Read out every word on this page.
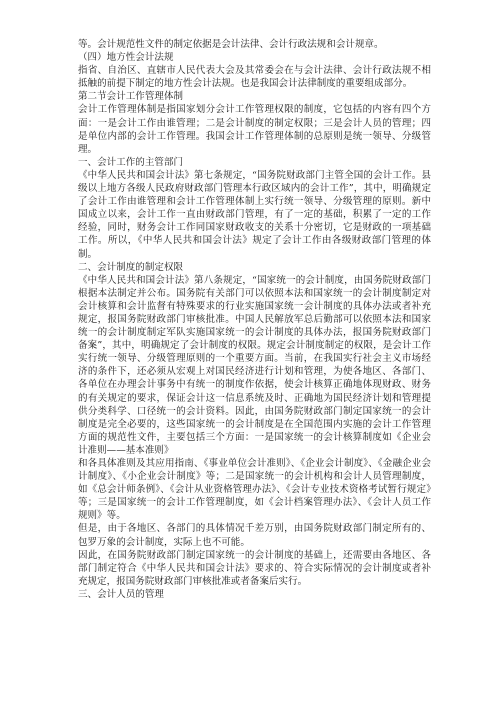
等。会计规范性文件的制定依据是会计法律、会计行政法规和会计规章。

（四）地方性会计法规

指省、自治区、直辖市人民代表大会及其常委会在与会计法律、会计行政法规不相抵触的前提下制定的地方性会计法规。也是我国会计法律制度的重要组成部分。

第二节会计工作管理体制

会计工作管理体制是指国家划分会计工作管理权限的制度，它包括的内容有四个方面：一是会计工作由谁管理；二是会计制度的制定权限；三是会计人员的管理；四是单位内部的会计工作管理。我国会计工作管理体制的总原则是统一领导、分级管理。

一、会计工作的主管部门

《中华人民共和国会计法》第七条规定，“国务院财政部门主管全国的会计工作。县级以上地方各级人民政府财政部门管理本行政区域内的会计工作”，其中，明确规定了会计工作由谁管理和会计工作管理体制上实行统一领导、分级管理的原则。新中国成立以来，会计工作一直由财政部门管理，有了一定的基础，积累了一定的工作经验，同时，财务会计工作同国家财政收支的关系十分密切，它是财政的一项基础工作。所以，《中华人民共和国会计法》规定了会计工作由各级财政部门管理的体制。

二、会计制度的制定权限

《中华人民共和国会计法》第八条规定，“国家统一的会计制度，由国务院财政部门根据本法制定并公布。国务院有关部门可以依照本法和国家统一的会计制度制定对会计核算和会计监督有特殊要求的行业实施国家统一会计制度的具体办法或者补充规定，报国务院财政部门审核批准。中国人民解放军总后勤部可以依照本法和国家统一的会计制度制定军队实施国家统一的会计制度的具体办法，报国务院财政部门备案”，其中，明确规定了会计制度的权限。规定会计制度制定的权限，是会计工作实行统一领导、分级管理原则的一个重要方面。当前，在我国实行社会主义市场经济的条件下，还必须从宏观上对国民经济进行计划和管理，为使各地区、各部门、各单位在办理会计事务中有统一的制度作依据，使会计核算正确地体现财政、财务的有关规定的要求，保证会计这一信息系统及时、正确地为国民经济计划和管理提供分类科学、口径统一的会计资料。因此，由国务院财政部门制定国家统一的会计制度是完全必要的，这些国家统一的会计制度是在全国范围内实施的会计工作管理方面的规范性文件，主要包括三个方面：一是国家统一的会计核算制度如《企业会计准则——基本准则》

和各具体准则及其应用指南、《事业单位会计准则》、《企业会计制度》、《金融企业会计制度》、《小企业会计制度》等；二是国家统一的会计机构和会计人员管理制度，如《总会计师条例》、《会计从业资格管理办法》、《会计专业技术资格考试暂行规定》等；三是国家统一的会计工作管理制度，如《会计档案管理办法》、《会计人员工作规则》等。

但是，由于各地区、各部门的具体情况千差万别，由国务院财政部门制定所有的、包罗万象的会计制度，实际上也不可能。

因此，在国务院财政部门制定国家统一的会计制度的基础上，还需要由各地区、各部门制定符合《中华人民共和国会计法》要求的、符合实际情况的会计制度或者补充规定，报国务院财政部门审核批准或者备案后实行。

三、会计人员的管理
